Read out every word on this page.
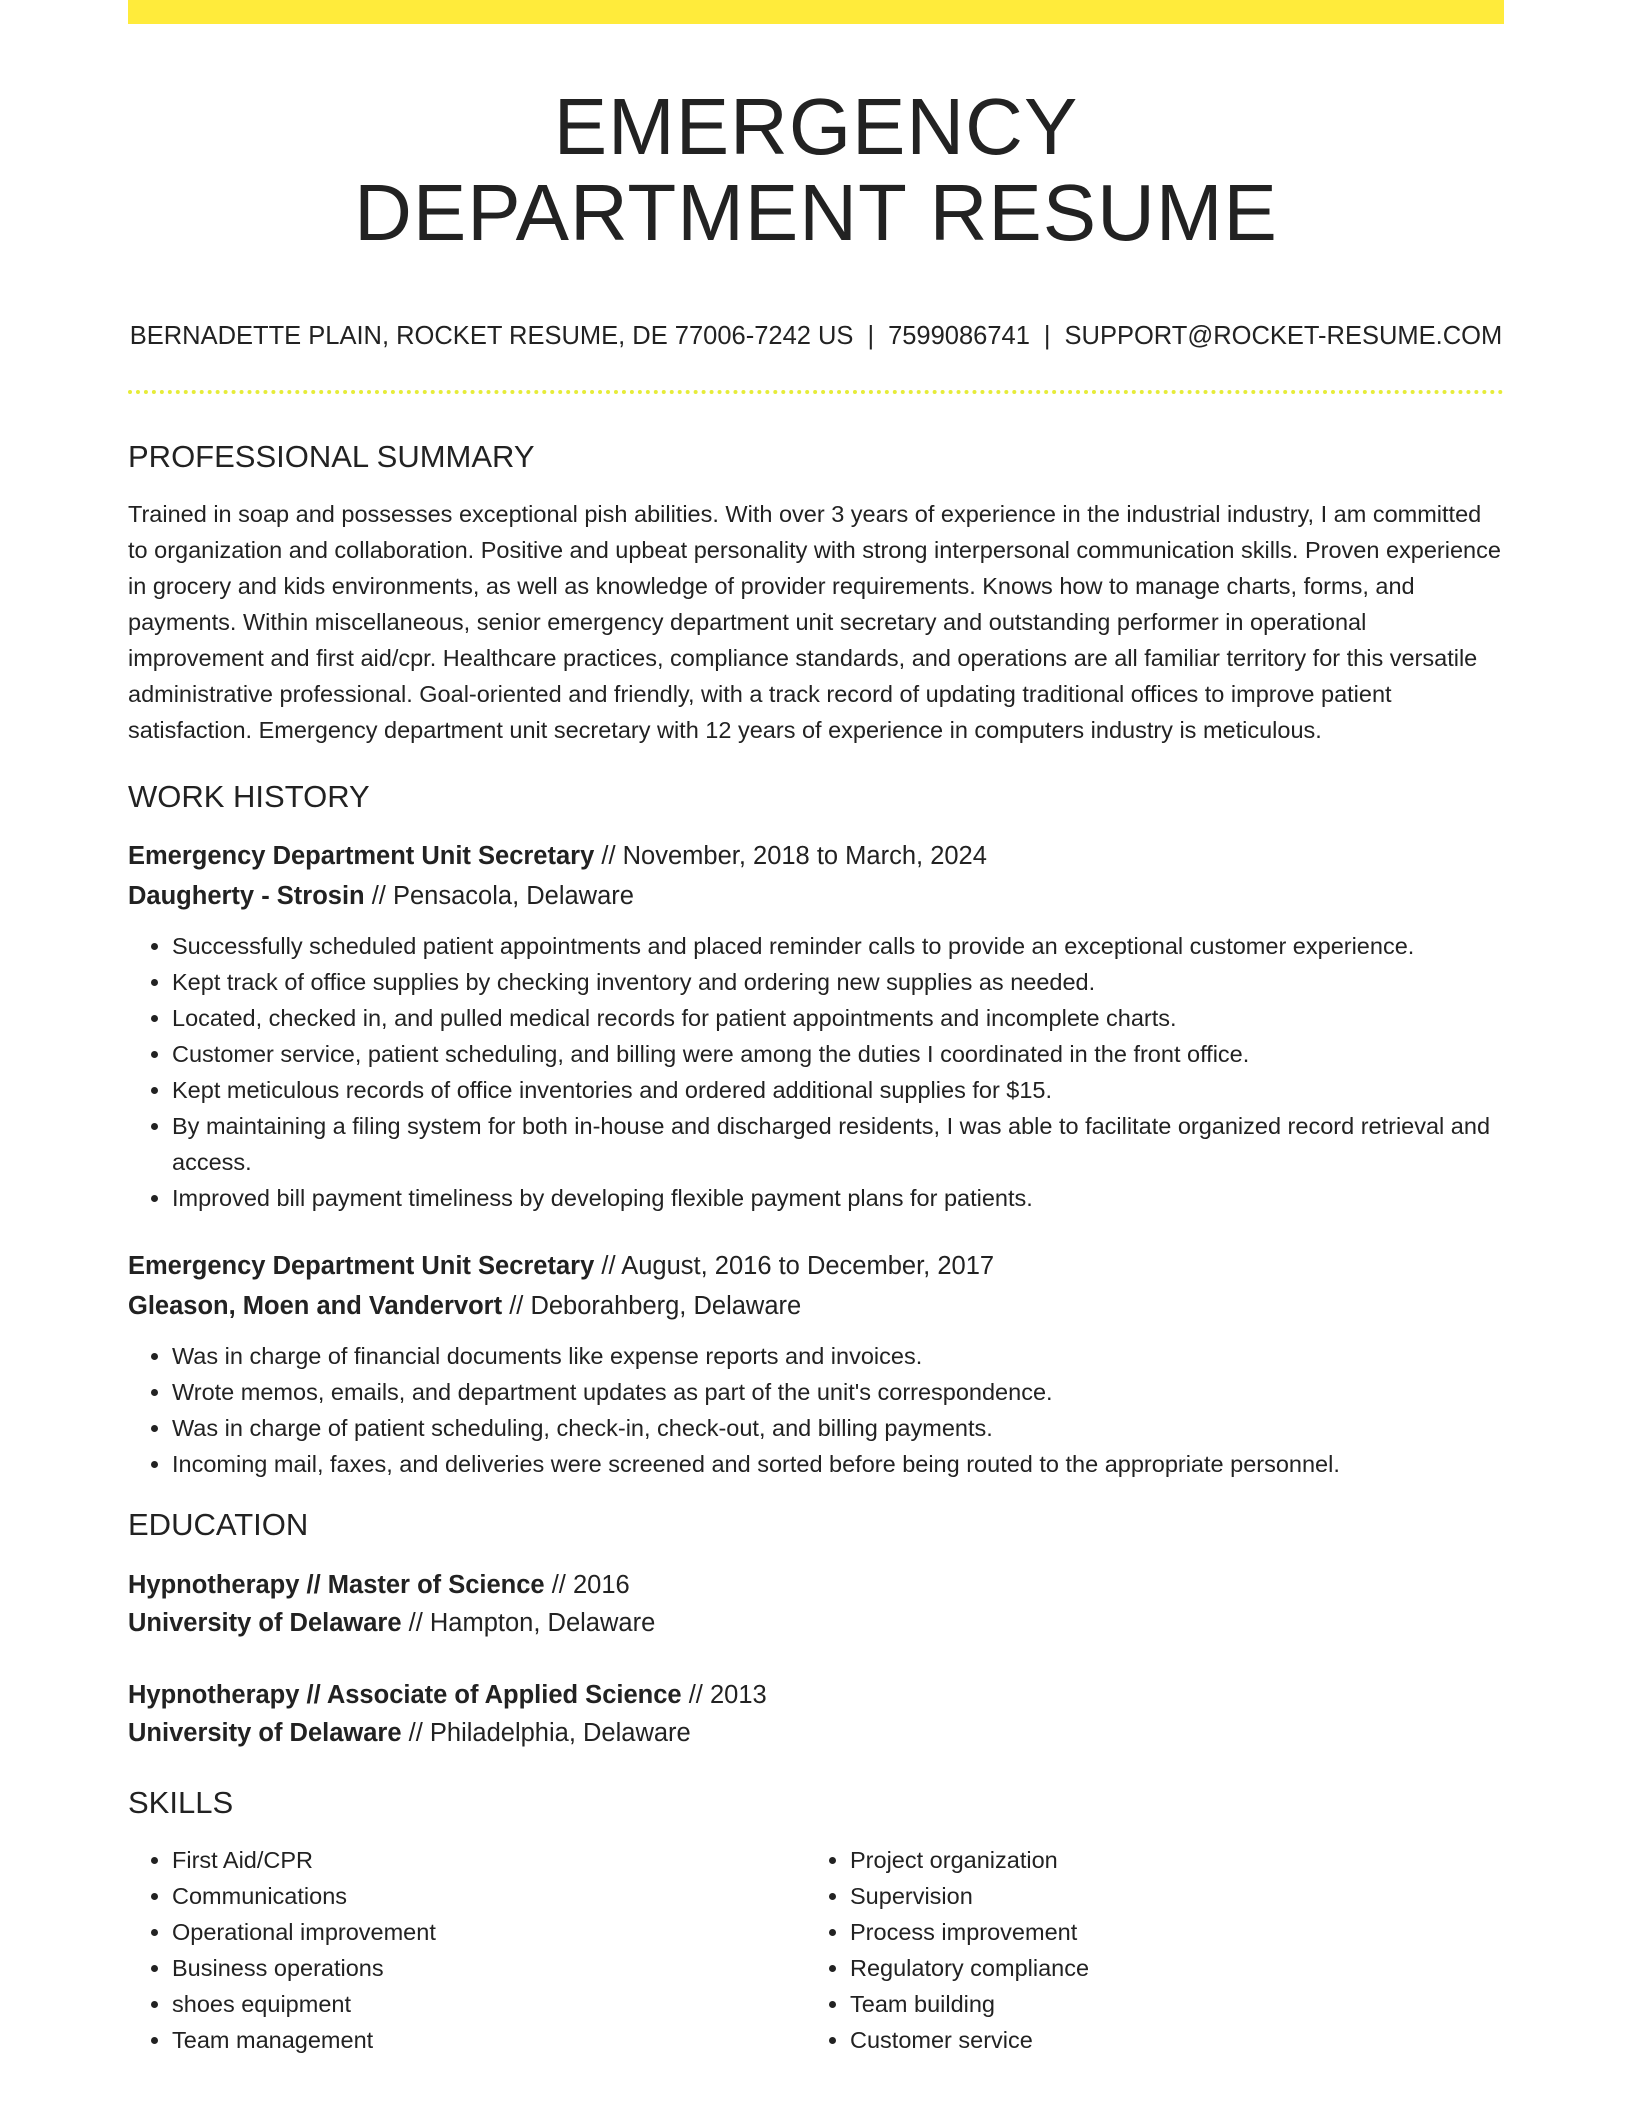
EMERGENCY
DEPARTMENT RESUME
BERNADETTE PLAIN, ROCKET RESUME, DE 77006-7242 US | 7599086741 | SUPPORT@ROCKET-RESUME.COM
PROFESSIONAL SUMMARY
Trained in soap and possesses exceptional pish abilities. With over 3 years of experience in the industrial industry, I am committed to organization and collaboration. Positive and upbeat personality with strong interpersonal communication skills. Proven experience in grocery and kids environments, as well as knowledge of provider requirements. Knows how to manage charts, forms, and payments. Within miscellaneous, senior emergency department unit secretary and outstanding performer in operational improvement and first aid/cpr. Healthcare practices, compliance standards, and operations are all familiar territory for this versatile administrative professional. Goal-oriented and friendly, with a track record of updating traditional offices to improve patient satisfaction. Emergency department unit secretary with 12 years of experience in computers industry is meticulous.
WORK HISTORY
Emergency Department Unit Secretary // November, 2018 to March, 2024
Daugherty - Strosin // Pensacola, Delaware
• Successfully scheduled patient appointments and placed reminder calls to provide an exceptional customer experience.
• Kept track of office supplies by checking inventory and ordering new supplies as needed.
• Located, checked in, and pulled medical records for patient appointments and incomplete charts.
• Customer service, patient scheduling, and billing were among the duties I coordinated in the front office.
• Kept meticulous records of office inventories and ordered additional supplies for $15.
• By maintaining a filing system for both in-house and discharged residents, I was able to facilitate organized record retrieval and access.
• Improved bill payment timeliness by developing flexible payment plans for patients.
Emergency Department Unit Secretary // August, 2016 to December, 2017
Gleason, Moen and Vandervort // Deborahberg, Delaware
• Was in charge of financial documents like expense reports and invoices.
• Wrote memos, emails, and department updates as part of the unit's correspondence.
• Was in charge of patient scheduling, check-in, check-out, and billing payments.
• Incoming mail, faxes, and deliveries were screened and sorted before being routed to the appropriate personnel.
EDUCATION
Hypnotherapy // Master of Science // 2016
University of Delaware // Hampton, Delaware
Hypnotherapy // Associate of Applied Science // 2013
University of Delaware // Philadelphia, Delaware
SKILLS
• First Aid/CPR
• Communications
• Operational improvement
• Business operations
• shoes equipment
• Team management
• Project organization
• Supervision
• Process improvement
• Regulatory compliance
• Team building
• Customer service
